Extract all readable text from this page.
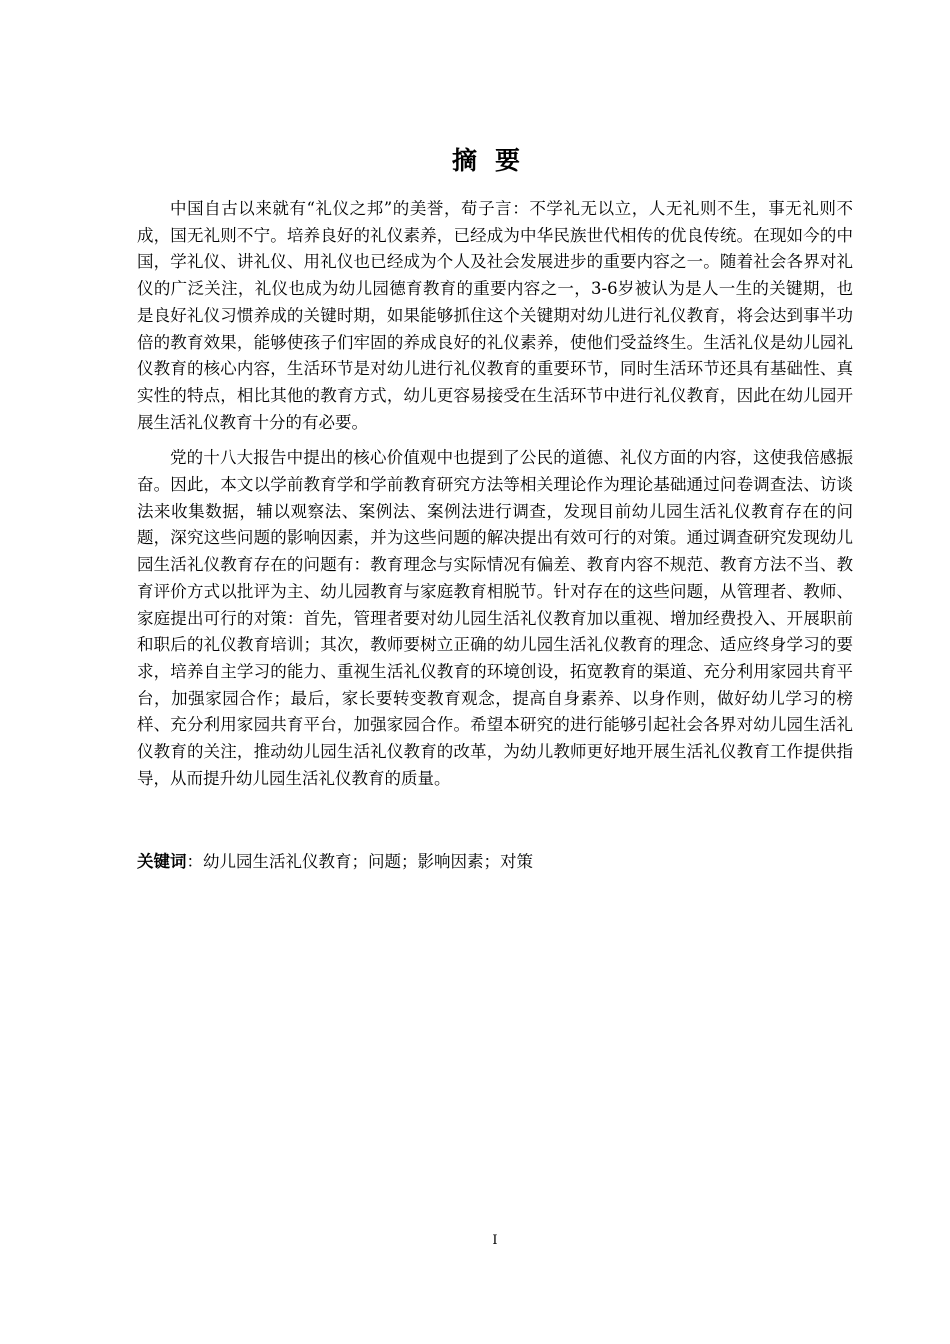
摘要

中国自古以来就有“礼仪之邦”的美誉，荀子言：不学礼无以立，人无礼则不生，事无礼则不成，国无礼则不宁。培养良好的礼仪素养，已经成为中华民族世代相传的优良传统。在现如今的中国，学礼仪、讲礼仪、用礼仪也已经成为个人及社会发展进步的重要内容之一。随着社会各界对礼仪的广泛关注，礼仪也成为幼儿园德育教育的重要内容之一，3-6岁被认为是人一生的关键期，也是良好礼仪习惯养成的关键时期，如果能够抓住这个关键期对幼儿进行礼仪教育，将会达到事半功倍的教育效果，能够使孩子们牢固的养成良好的礼仪素养，使他们受益终生。生活礼仪是幼儿园礼仪教育的核心内容，生活环节是对幼儿进行礼仪教育的重要环节，同时生活环节还具有基础性、真实性的特点，相比其他的教育方式，幼儿更容易接受在生活环节中进行礼仪教育，因此在幼儿园开展生活礼仪教育十分的有必要。

党的十八大报告中提出的核心价值观中也提到了公民的道德、礼仪方面的内容，这使我倍感振奋。因此，本文以学前教育学和学前教育研究方法等相关理论作为理论基础通过问卷调查法、访谈法来收集数据，辅以观察法、案例法、案例法进行调查，发现目前幼儿园生活礼仪教育存在的问题，深究这些问题的影响因素，并为这些问题的解决提出有效可行的对策。通过调查研究发现幼儿园生活礼仪教育存在的问题有：教育理念与实际情况有偏差、教育内容不规范、教育方法不当、教育评价方式以批评为主、幼儿园教育与家庭教育相脱节。针对存在的这些问题，从管理者、教师、家庭提出可行的对策：首先，管理者要对幼儿园生活礼仪教育加以重视、增加经费投入、开展职前和职后的礼仪教育培训；其次，教师要树立正确的幼儿园生活礼仪教育的理念、适应终身学习的要求，培养自主学习的能力、重视生活礼仪教育的环境创设，拓宽教育的渠道、充分利用家园共育平台，加强家园合作；最后，家长要转变教育观念，提高自身素养、以身作则，做好幼儿学习的榜样、充分利用家园共育平台，加强家园合作。希望本研究的进行能够引起社会各界对幼儿园生活礼仪教育的关注，推动幼儿园生活礼仪教育的改革，为幼儿教师更好地开展生活礼仪教育工作提供指导，从而提升幼儿园生活礼仪教育的质量。

关键词：幼儿园生活礼仪教育；问题；影响因素；对策
I
